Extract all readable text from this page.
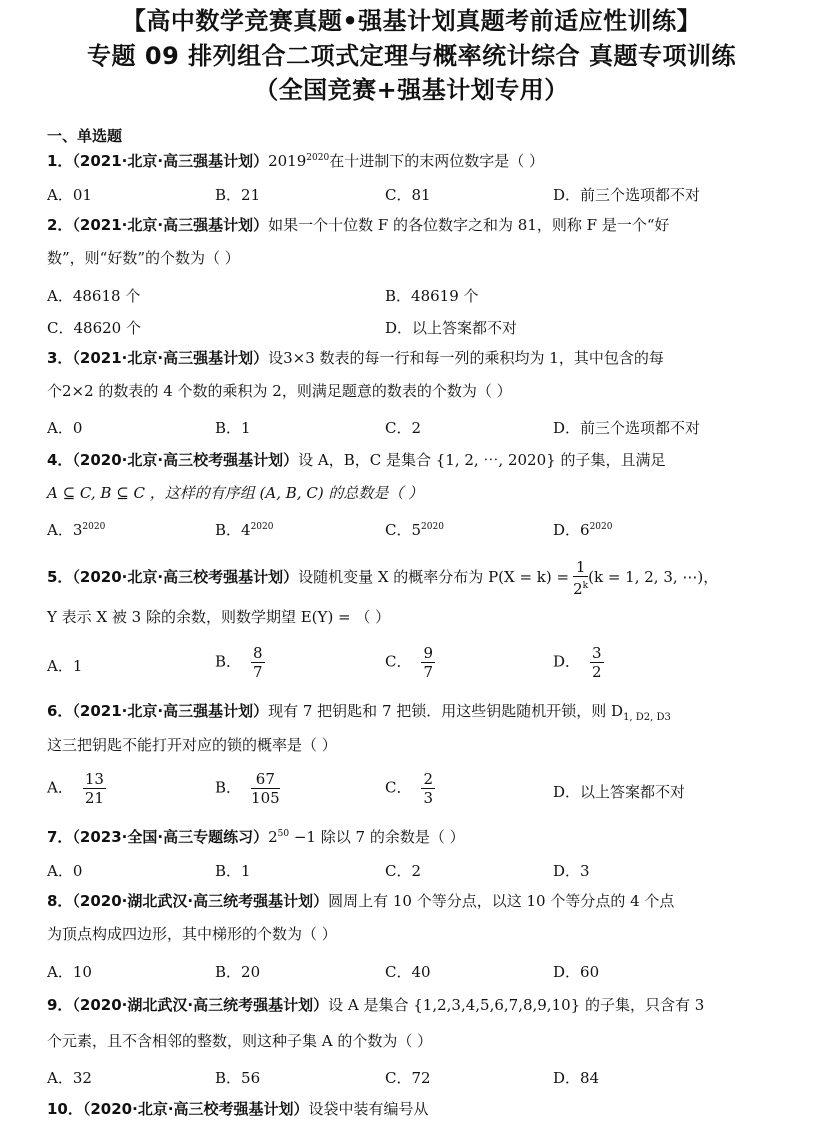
【高中数学竞赛真题•强基计划真题考前适应性训练】
专题 09 排列组合二项式定理与概率统计综合 真题专项训练
（全国竞赛+强基计划专用）
一、单选题
1．（2021·北京·高三强基计划）$2019^{2020}$在十进制下的末两位数字是（ ）
A．01	B．21	C．81	D．前三个选项都不对
2．（2021·北京·高三强基计划）如果一个十位数 F 的各位数字之和为 81，则称 F 是一个“好
数”，则“好数”的个数为（ ）
A．48618 个	B．48619 个
C．48620 个	D．以上答案都不对
3．（2021·北京·高三强基计划）设3×3 数表的每一行和每一列的乘积均为 1，其中包含的每
个2×2 的数表的 4 个数的乘积为 2，则满足题意的数表的个数为（ ）
A．0	B．1	C．2	D．前三个选项都不对
4．（2020·北京·高三校考强基计划）设 A，B，C 是集合 {1, 2, ⋯, 2020} 的子集，且满足
A ⊆ C, B ⊆ C ，这样的有序组 (A, B, C) 的总数是（ ）
A．$3^{2020}$	B．$4^{2020}$	C．$5^{2020}$	D．$6^{2020}$
5．（2020·北京·高三校考强基计划）设随机变量 X 的概率分布为 $P(X = k) = \frac{1}{2^k} (k = 1$, 2, 3, ⋯)，
Y 表示 X 被 3 除的余数，则数学期望 E(Y) = （ ）
A．1	B． $\frac{8}{7}$	C． $\frac{9}{7}$	D． $\frac{3}{2}$
6．（2021·北京·高三强基计划）现有 7 把钥匙和 7 把锁．用这些钥匙随机开锁，则 $D_{1, D2, D3}$
这三把钥匙不能打开对应的锁的概率是（ ）
A． $\frac{13}{21}$	B． $\frac{67}{105}$	C． $\frac{2}{3}$	D．以上答案都不对
7．（2023·全国·高三专题练习）$2^{50} -1$ 除以 7 的余数是（ ）
A．0	B．1	C．2	D．3
8．（2020·湖北武汉·高三统考强基计划）圆周上有 10 个等分点，以这 10 个等分点的 4 个点
为顶点构成四边形，其中梯形的个数为（ ）
A．10	B．20	C．40	D．60
9．（2020·湖北武汉·高三统考强基计划）设 A 是集合 {1,2,3,4,5,6,7,8,9,10} 的子集，只含有 3
个元素，且不含相邻的整数，则这种子集 A 的个数为（ ）
A．32	B．56	C．72	D．84
10．（2020·北京·高三校考强基计划）设袋中装有编号从
